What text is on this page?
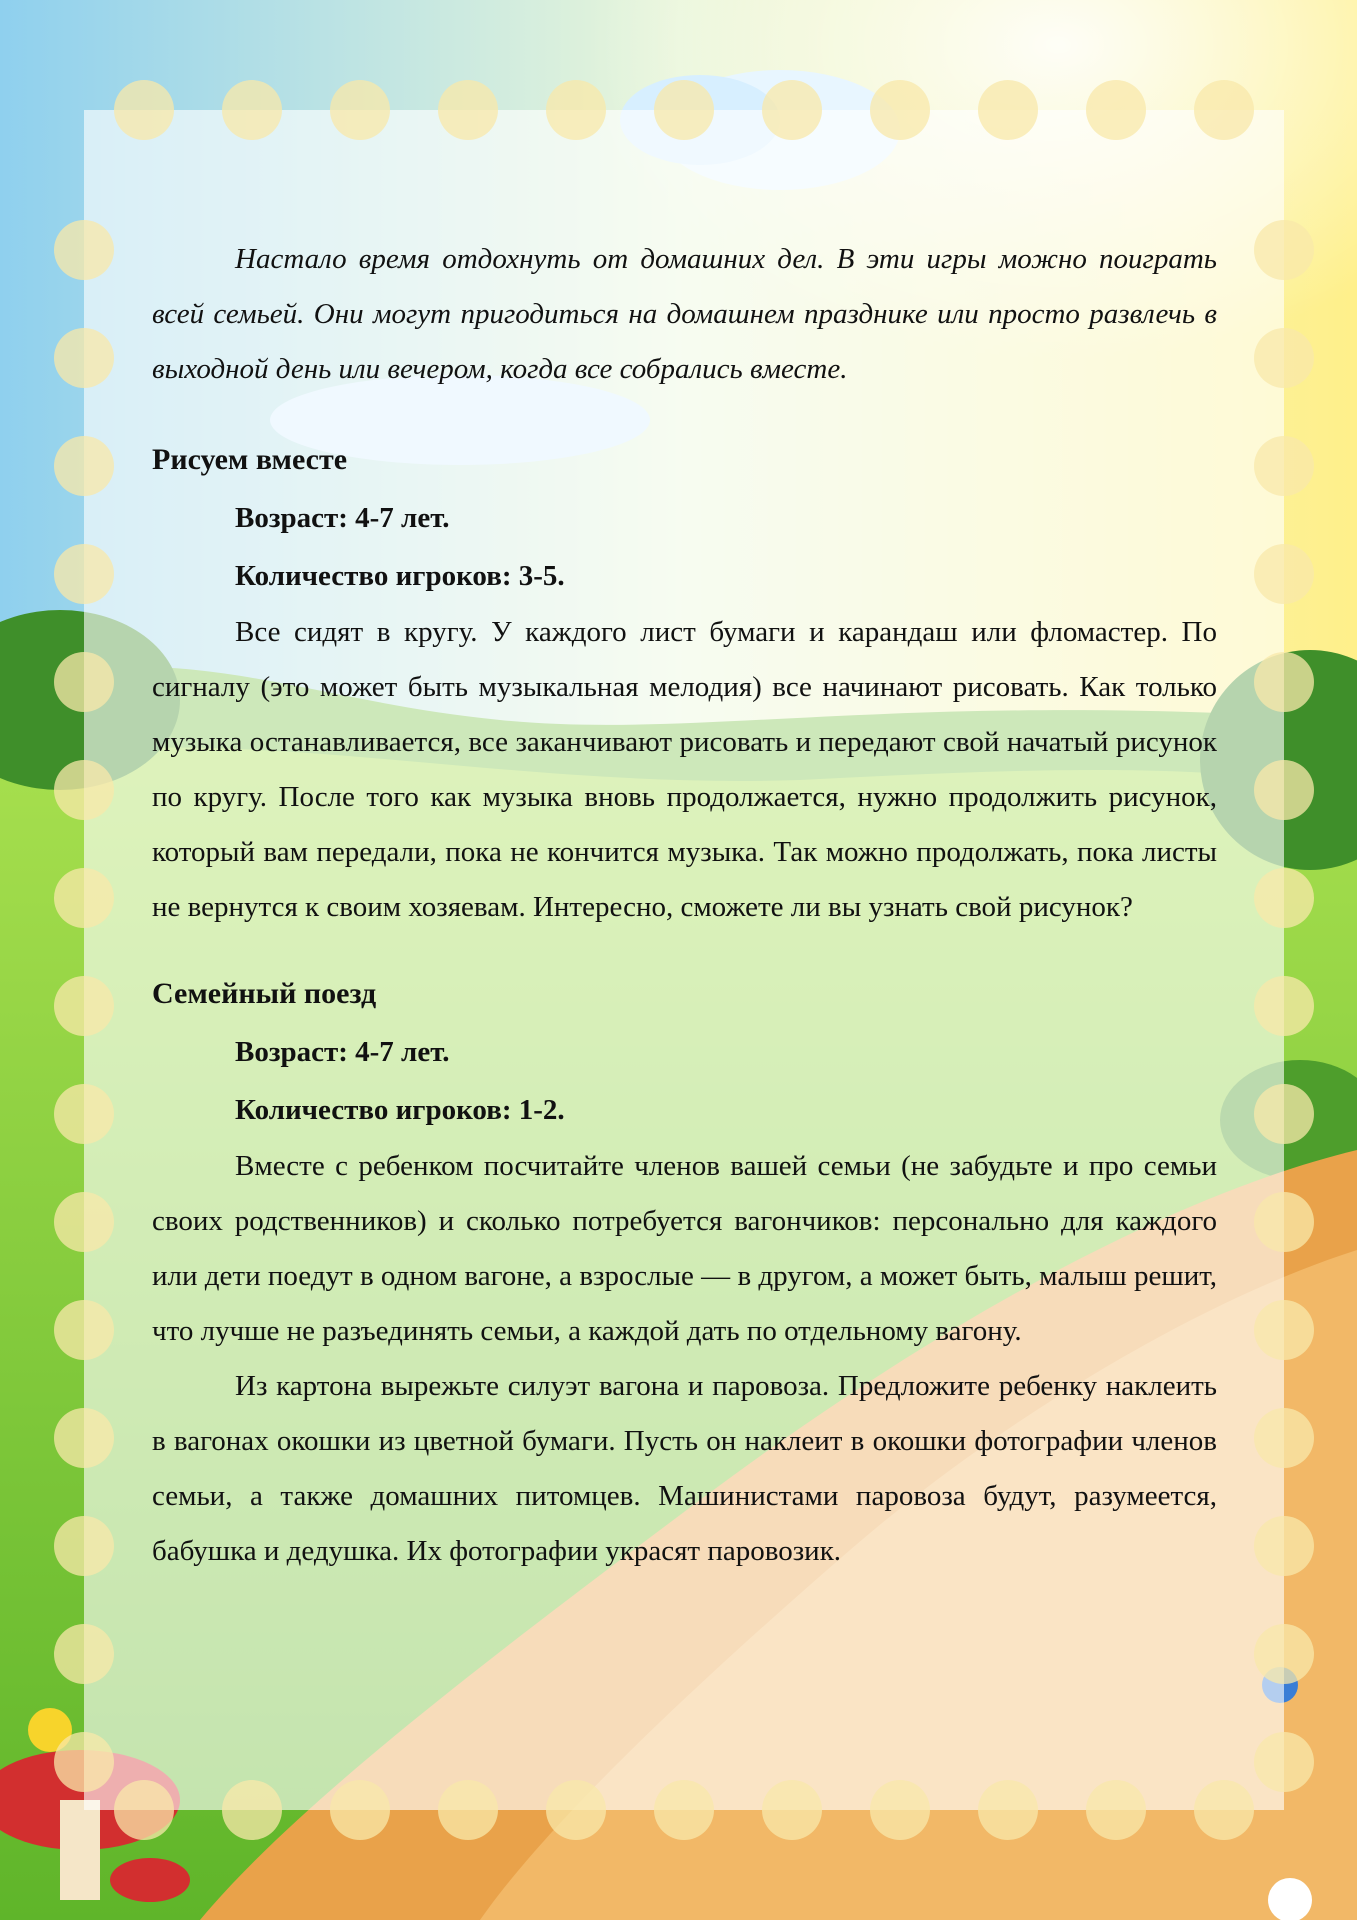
Настало время отдохнуть от домашних дел. В эти игры можно поиграть всей семьей. Они могут пригодиться на домашнем празднике или просто развлечь в выходной день или вечером, когда все собрались вместе.

Рисуем вместе

Возраст: 4-7 лет.

Количество игроков: 3-5.

Все сидят в кругу. У каждого лист бумаги и карандаш или фломастер. По сигналу (это может быть музыкальная мелодия) все начинают рисовать. Как только музыка останавливается, все заканчивают рисовать и передают свой начатый рисунок по кругу. После того как музыка вновь продолжается, нужно продолжить рисунок, который вам передали, пока не кончится музыка. Так можно продолжать, пока листы не вернутся к своим хозяевам. Интересно, сможете ли вы узнать свой рисунок?

Семейный поезд

Возраст: 4-7 лет.

Количество игроков: 1-2.

Вместе с ребенком посчитайте членов вашей семьи (не забудьте и про семьи своих родственников) и сколько потребуется вагончиков: персонально для каждого или дети поедут в одном вагоне, а взрослые — в другом, а может быть, малыш решит, что лучше не разъединять семьи, а каждой дать по отдельному вагону.

Из картона вырежьте силуэт вагона и паровоза. Предложите ребенку наклеить в вагонах окошки из цветной бумаги. Пусть он наклеит в окошки фотографии членов семьи, а также домашних питомцев. Машинистами паровоза будут, разумеется, бабушка и дедушка. Их фотографии украсят паровозик.
